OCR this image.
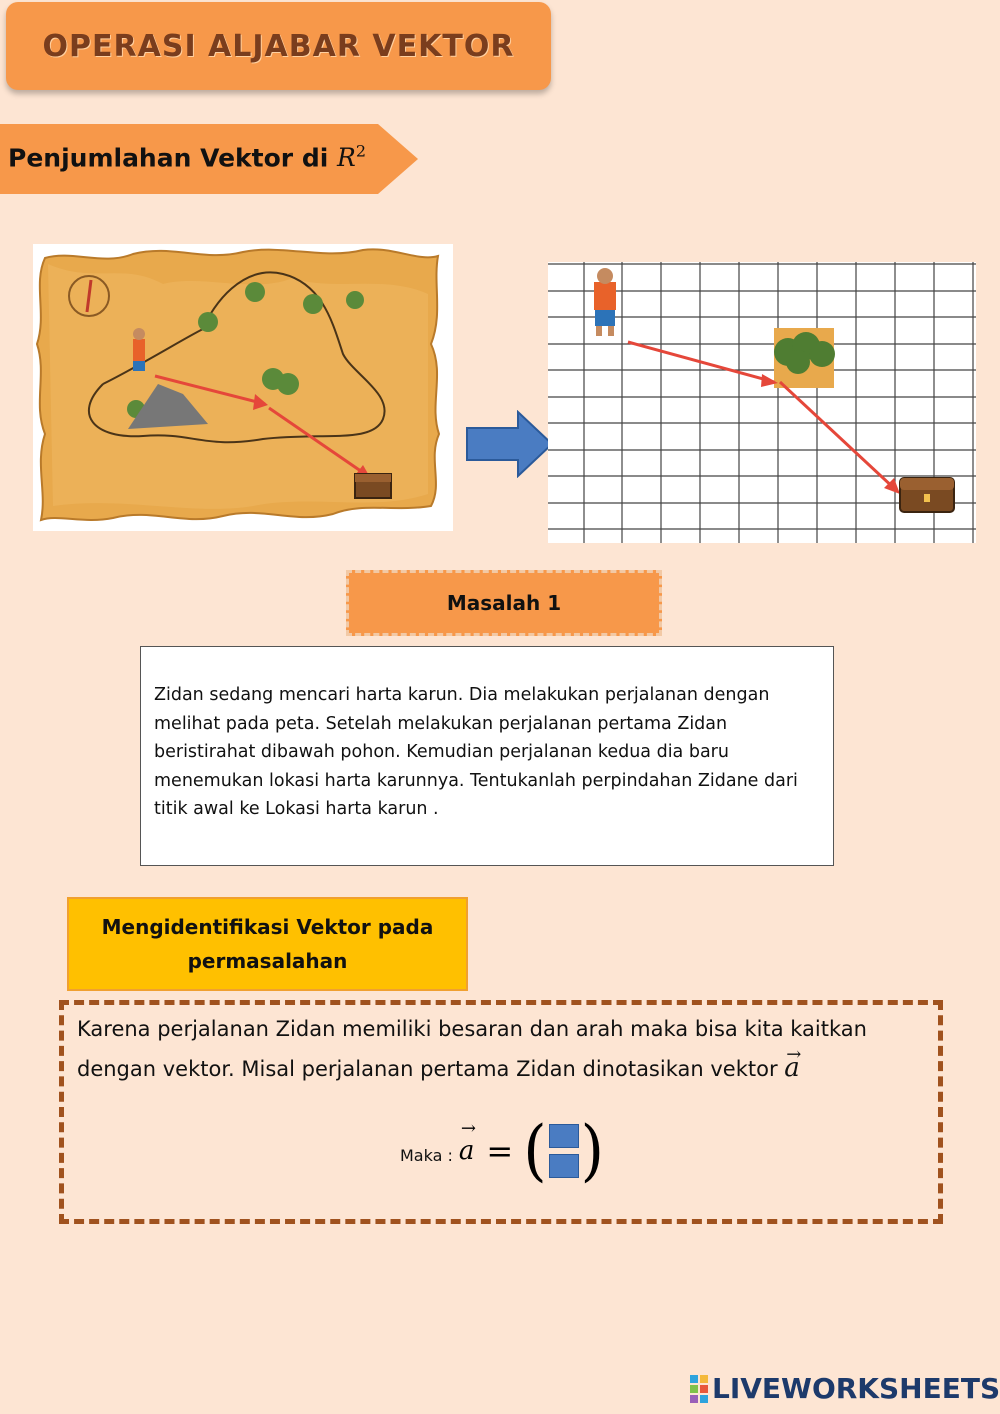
OPERASI ALJABAR VEKTOR
Penjumlahan Vektor di $R^2$
Masalah 1
Zidan sedang mencari harta karun. Dia melakukan perjalanan dengan melihat pada peta. Setelah melakukan perjalanan pertama Zidan beristirahat dibawah pohon. Kemudian perjalanan kedua dia baru menemukan lokasi harta karunnya. Tentukanlah perpindahan Zidane dari titik awal ke Lokasi harta karun .
Mengidentifikasi Vektor pada permasalahan
Karena perjalanan Zidan memiliki besaran dan arah maka bisa kita kaitkan dengan vektor. Misal perjalanan pertama Zidan dinotasikan vektor → a
Maka : → a = ( )
LIVEWORKSHEETS
